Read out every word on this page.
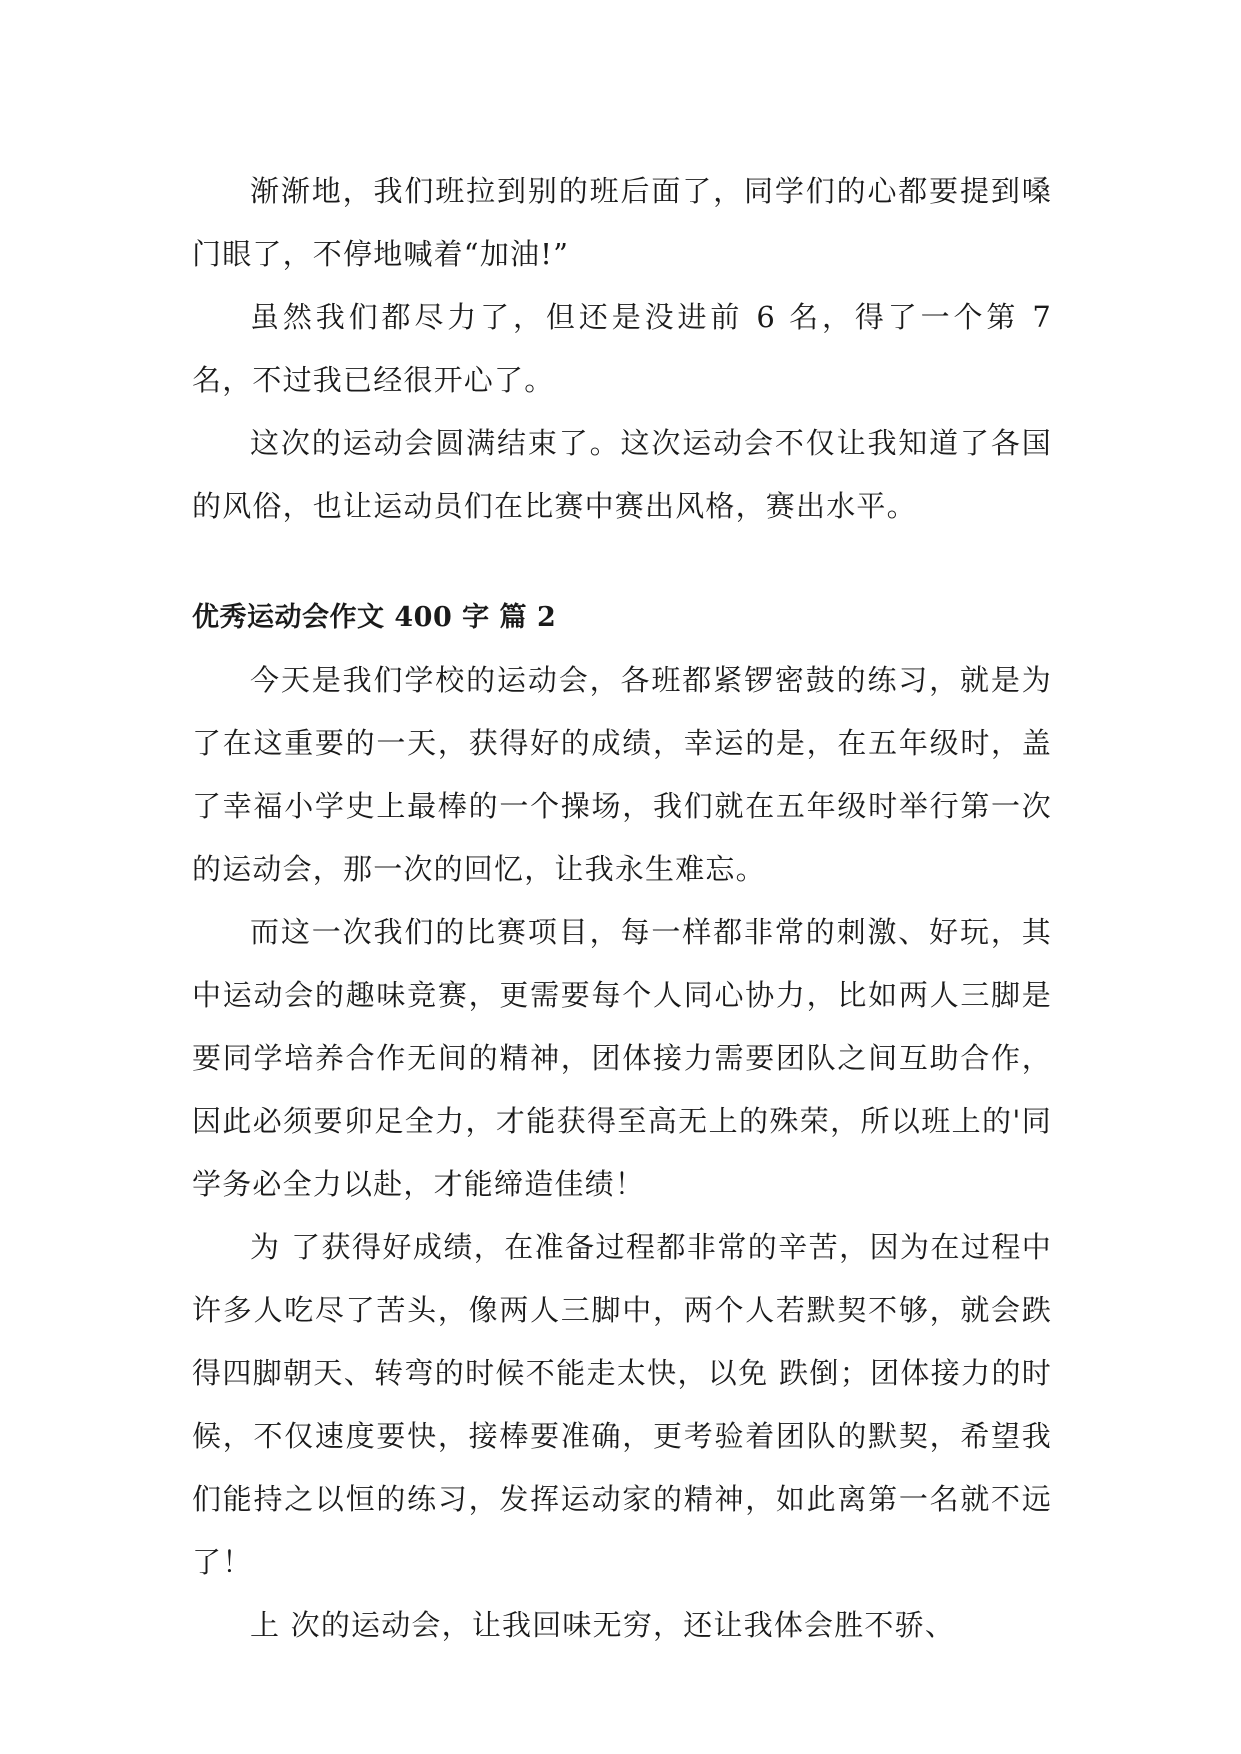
渐渐地，我们班拉到别的班后面了，同学们的心都要提到嗓门眼了，不停地喊着“加油!”

虽然我们都尽力了，但还是没进前 6 名，得了一个第 7 名，不过我已经很开心了。

这次的运动会圆满结束了。这次运动会不仅让我知道了各国的风俗，也让运动员们在比赛中赛出风格，赛出水平。

优秀运动会作文 400 字 篇 2

今天是我们学校的运动会，各班都紧锣密鼓的练习，就是为了在这重要的一天，获得好的成绩，幸运的是，在五年级时，盖了幸福小学史上最棒的一个操场，我们就在五年级时举行第一次的运动会，那一次的回忆，让我永生难忘。

而这一次我们的比赛项目，每一样都非常的刺激、好玩，其中运动会的趣味竞赛，更需要每个人同心协力，比如两人三脚是要同学培养合作无间的精神，团体接力需要团队之间互助合作，因此必须要卯足全力，才能获得至高无上的殊荣，所以班上的'同学务必全力以赴，才能缔造佳绩！

为 了获得好成绩，在准备过程都非常的辛苦，因为在过程中许多人吃尽了苦头，像两人三脚中，两个人若默契不够，就会跌得四脚朝天、转弯的时候不能走太快，以免 跌倒；团体接力的时候，不仅速度要快，接棒要准确，更考验着团队的默契，希望我们能持之以恒的练习，发挥运动家的精神，如此离第一名就不远了！

上 次的运动会，让我回味无穷，还让我体会胜不骄、
